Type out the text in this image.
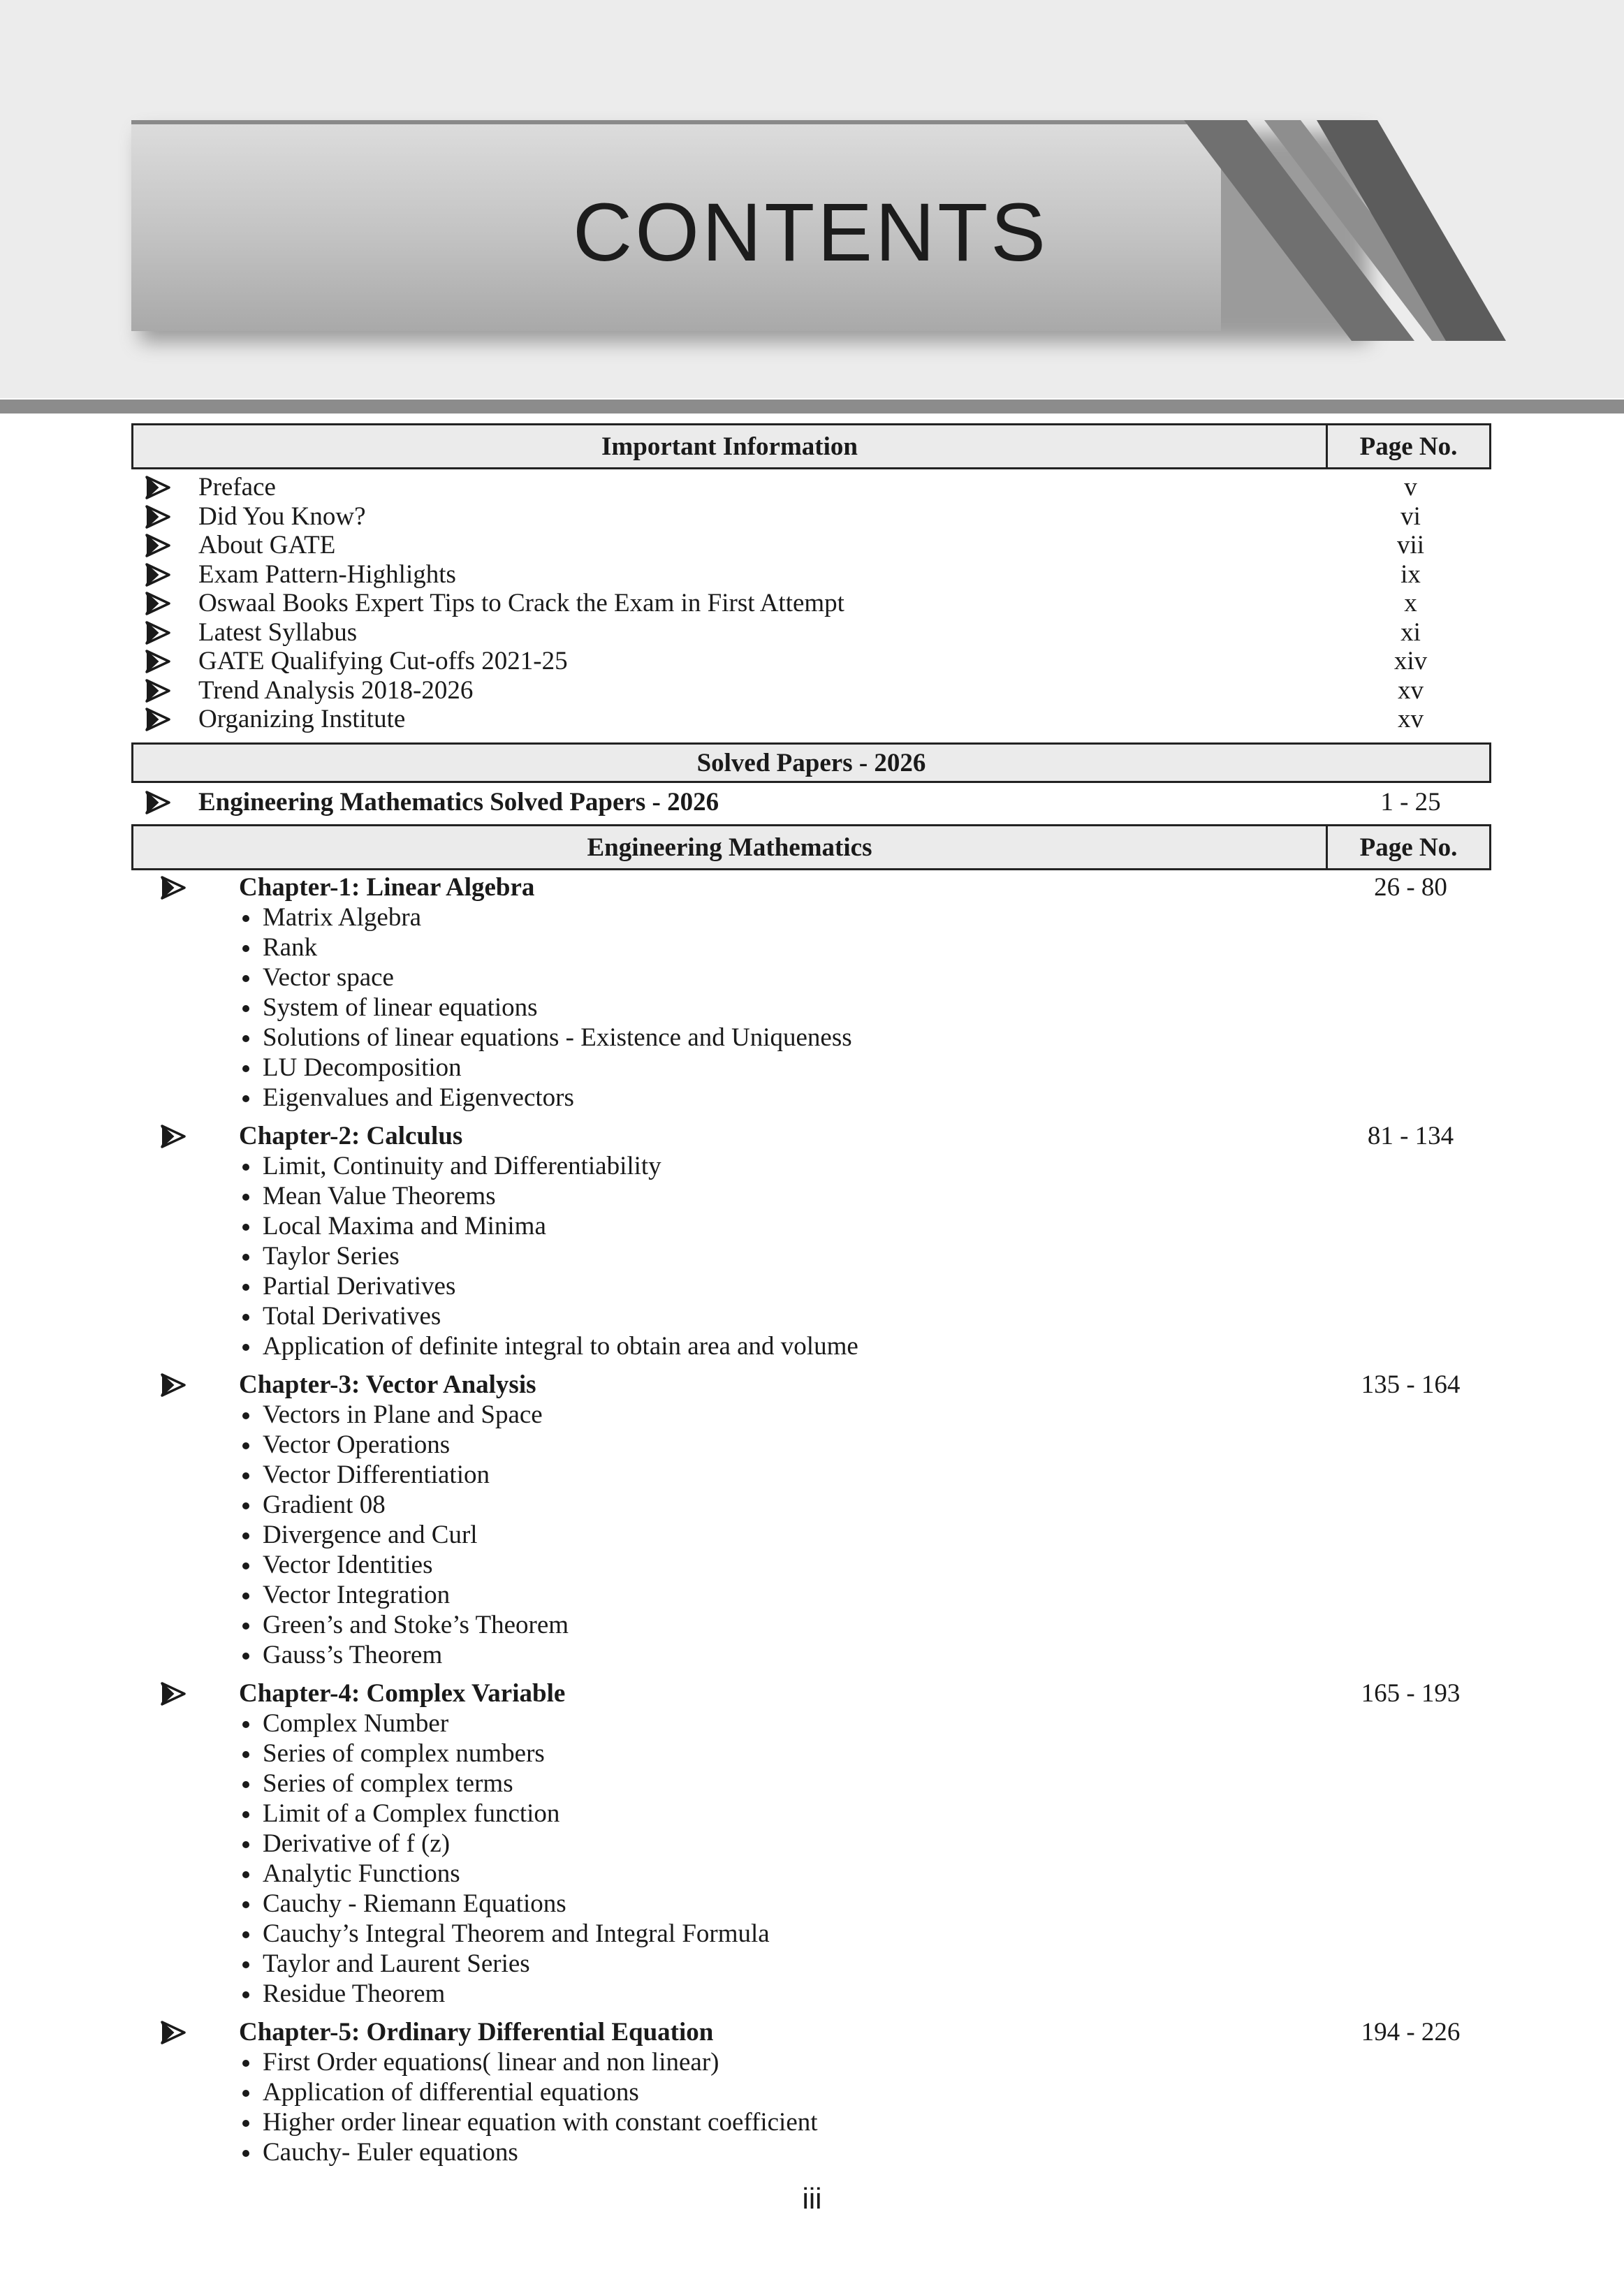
CONTENTS
Important Information	Page No.
Preface	v
Did You Know?	vi
About GATE	vii
Exam Pattern-Highlights	ix
Oswaal Books Expert Tips to Crack the Exam in First Attempt	x
Latest Syllabus	xi
GATE Qualifying Cut-offs 2021-25	xiv
Trend Analysis 2018-2026	xv
Organizing Institute	xv
Solved Papers - 2026
Engineering Mathematics Solved Papers - 2026	1 - 25
Engineering Mathematics	Page No.
Chapter-1: Linear Algebra	26 - 80
Matrix Algebra
Rank
Vector space
System of linear equations
Solutions of linear equations - Existence and Uniqueness
LU Decomposition
Eigenvalues and Eigenvectors
Chapter-2: Calculus	81 - 134
Limit, Continuity and Differentiability
Mean Value Theorems
Local Maxima and Minima
Taylor Series
Partial Derivatives
Total Derivatives
Application of definite integral to obtain area and volume
Chapter-3: Vector Analysis	135 - 164
Vectors in Plane and Space
Vector Operations
Vector Differentiation
Gradient 08
Divergence and Curl
Vector Identities
Vector Integration
Green’s and Stoke’s Theorem
Gauss’s Theorem
Chapter-4: Complex Variable	165 - 193
Complex Number
Series of complex numbers
Series of complex terms
Limit of a Complex function
Derivative of f (z)
Analytic Functions
Cauchy - Riemann Equations
Cauchy’s Integral Theorem and Integral Formula
Taylor and Laurent Series
Residue Theorem
Chapter-5: Ordinary Differential Equation	194 - 226
First Order equations( linear and non linear)
Application of differential equations
Higher order linear equation with constant coefficient
Cauchy- Euler equations
iii
